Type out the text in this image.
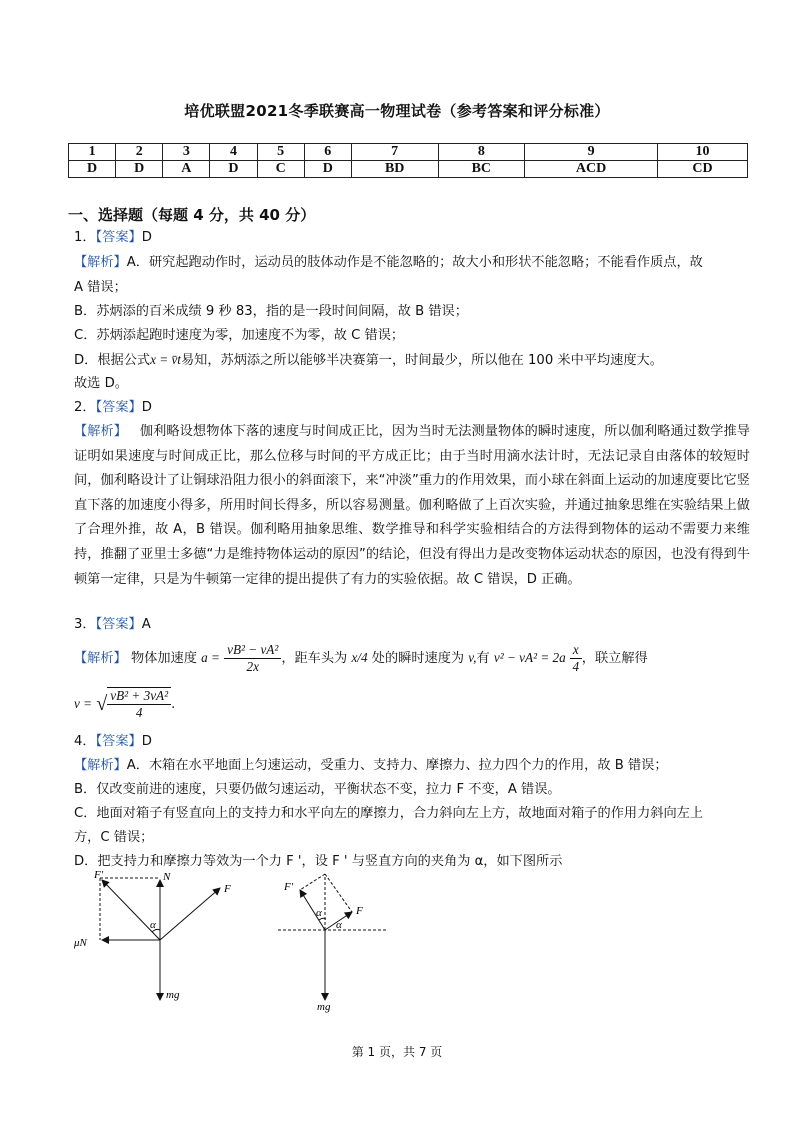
培优联盟2021冬季联赛高一物理试卷（参考答案和评分标准）
1	2	3	4	5	6	7	8	9	10
D	D	A	D	C	D	BD	BC	ACD	CD
一、选择题（每题 4 分，共 40 分）
1．【答案】D
【解析】A．研究起跑动作时，运动员的肢体动作是不能忽略的；故大小和形状不能忽略；不能看作质点，故
A 错误；
B．苏炳添的百米成绩 9 秒 83，指的是一段时间间隔，故 B 错误；
C．苏炳添起跑时速度为零，加速度不为零，故 C 错误；
D．根据公式x = v̄t易知，苏炳添之所以能够半决赛第一，时间最少，所以他在 100 米中平均速度大。
故选 D。
2．【答案】D
【解析】 伽利略设想物体下落的速度与时间成正比，因为当时无法测量物体的瞬时速度，所以伽利略通过数学推导证明如果速度与时间成正比，那么位移与时间的平方成正比；由于当时用滴水法计时，无法记录自由落体的较短时间，伽利略设计了让铜球沿阻力很小的斜面滚下，来“冲淡”重力的作用效果，而小球在斜面上运动的加速度要比它竖直下落的加速度小得多，所用时间长得多，所以容易测量。伽利略做了上百次实验，并通过抽象思维在实验结果上做了合理外推，故 A，B 错误。伽利略用抽象思维、数学推导和科学实验相结合的方法得到物体的运动不需要力来维持，推翻了亚里士多德“力是维持物体运动的原因”的结论，但没有得出力是改变物体运动状态的原因，也没有得到牛顿第一定律，只是为牛顿第一定律的提出提供了有力的实验依据。故 C 错误，D 正确。
3．【答案】A
【解析】 物体加速度 $a = \frac{\text{vB² − vA²}}{2x}$ ，距车头为 x/4 处的瞬时速度为 v,有 $v^2 - vA^2 = 2a \frac{x}{4}$ ，联立解得
v = √ $\frac{\text{vB² + 3vA²}}{4}$ .
4．【答案】D
【解析】A．木箱在水平地面上匀速运动，受重力、支持力、摩擦力、拉力四个力的作用，故 B 错误；
B．仅改变前进的速度，只要仍做匀速运动，平衡状态不变，拉力 F 不变，A 错误。
C．地面对箱子有竖直向上的支持力和水平向左的摩擦力，合力斜向左上方，故地面对箱子的作用力斜向左上
方，C 错误；
D．把支持力和摩擦力等效为一个力 F '，设 F ' 与竖直方向的夹角为 α，如下图所示
F'	N
F
α
μN
mg
F'
F
α
α
mg
第 1 页，共 7 页
